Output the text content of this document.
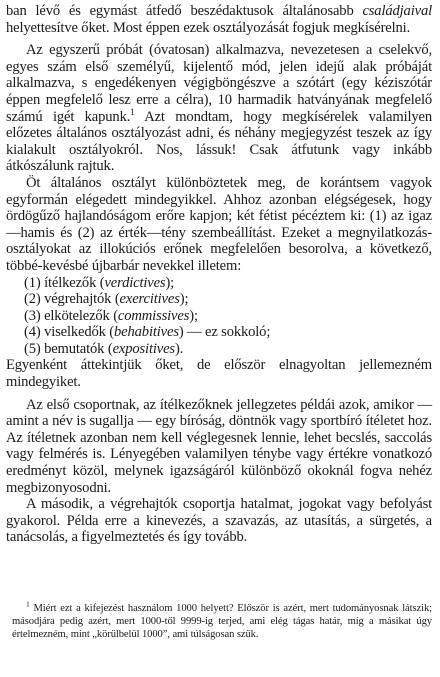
ban lévő és egymást átfedő beszédaktusok általánosabb családjaival helyettesítve őket. Most éppen ezek osztályozását fogjuk megkísérelni.

Az egyszerű próbát (óvatosan) alkalmazva, nevezetesen a cselekvő, egyes szám első személyű, kijelentő mód, jelen idejű alak próbáját alkalmazva, s engedékenyen végigböngészve a szótárt (egy kéziszótár éppen megfelelő lesz erre a célra), 10 harmadik hatványának megfelelő számú igét kapunk.$^1$ Azt mondtam, hogy megkísérelek valamilyen előzetes általános osztályozást adni, és néhány megjegyzést teszek az így kialakult osztályokról. Nos, lássuk! Csak átfutunk vagy inkább átkószálunk rajtuk.

Öt általános osztályt különböztetek meg, de korántsem vagyok egyformán elégedett mindegyikkel. Ahhoz azonban elégségesek, hogy ördögűző hajlandóságom erőre kapjon; két fétist pécéztem ki: (1) az igaz—hamis és (2) az érték—tény szembeállítást. Ezeket a megnyilatkozás-osztályokat az illokúciós erőnek megfelelően besorolva, a következő, többé-kevésbé újbarbár nevekkel illetem:

(1) ítélkezők (verdictives);

(2) végrehajtók (exercitives);

(3) elkötelezők (commissives);

(4) viselkedők (behabitives) — ez sokkoló;

(5) bemutatók (expositives).

Egyenként áttekintjük őket, de először elnagyoltan jellemezném mindegyiket.

Az első csoportnak, az ítélkezőknek jellegzetes példái azok, amikor — amint a név is sugallja — egy bíróság, döntnök vagy sportbíró ítéletet hoz. Az ítéletnek azonban nem kell véglegesnek lennie, lehet becslés, saccolás vagy felmérés is. Lényegében valamilyen ténybe vagy értékre vonatkozó eredményt közöl, melynek igazságáról különböző okoknál fogva nehéz megbizonyosodni.

A második, a végrehajtók csoportja hatalmat, jogokat vagy befolyást gyakorol. Példa erre a kinevezés, a szavazás, az utasítás, a sürgetés, a tanácsolás, a figyelmeztetés és így tovább.

$^1$ Miért ezt a kifejezést használom 1000 helyett? Először is azért, mert tudományosnak látszik; másodjára pedig azért, mert 1000-től 9999-ig terjed, ami elég tágas határ, míg a másikat úgy értelmezném, mint „körülbelül 1000”, ami túlságosan szűk.
